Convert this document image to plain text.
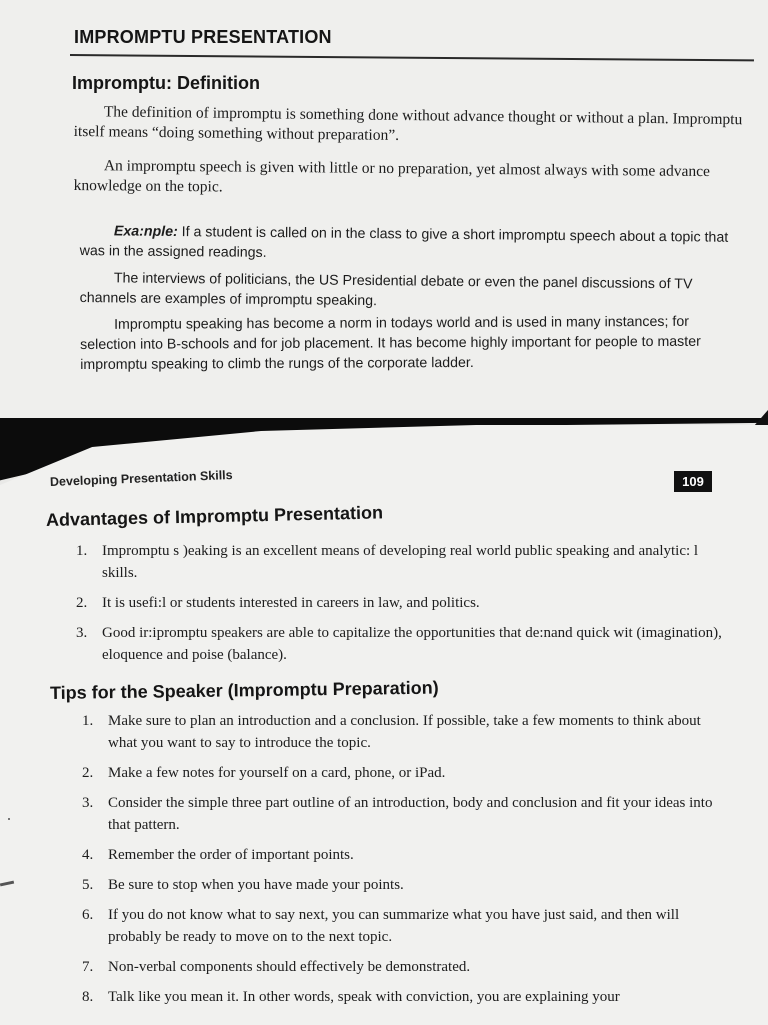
IMPROMPTU PRESENTATION
Impromptu: Definition
The definition of impromptu is something done without advance thought or without a plan. Impromptu itself means “doing something without preparation”.
An impromptu speech is given with little or no preparation, yet almost always with some advance knowledge on the topic.
Exa:nple: If a student is called on in the class to give a short impromptu speech about a topic that was in the assigned readings.
The interviews of politicians, the US Presidential debate or even the panel discussions of TV channels are examples of impromptu speaking.
Impromptu speaking has become a norm in todays world and is used in many instances; for selection into B-schools and for job placement. It has become highly important for people to master impromptu speaking to climb the rungs of the corporate ladder.
Developing Presentation Skills	109
Advantages of Impromptu Presentation
1. Impromptu s )eaking is an excellent means of developing real world public speaking and analytic: l skills.
2. It is usefi:l or students interested in careers in law, and politics.
3. Good ir:ipromptu speakers are able to capitalize the opportunities that de:nand quick wit (imagination), eloquence and poise (balance).
Tips for the Speaker (Impromptu Preparation)
1. Make sure to plan an introduction and a conclusion. If possible, take a few moments to think about what you want to say to introduce the topic.
2. Make a few notes for yourself on a card, phone, or iPad.
3. Consider the simple three part outline of an introduction, body and conclusion and fit your ideas into that pattern.
4. Remember the order of important points.
5. Be sure to stop when you have made your points.
6. If you do not know what to say next, you can summarize what you have just said, and then will probably be ready to move on to the next topic.
7. Non-verbal components should effectively be demonstrated.
8. Talk like you mean it. In other words, speak with conviction, you are explaining your
